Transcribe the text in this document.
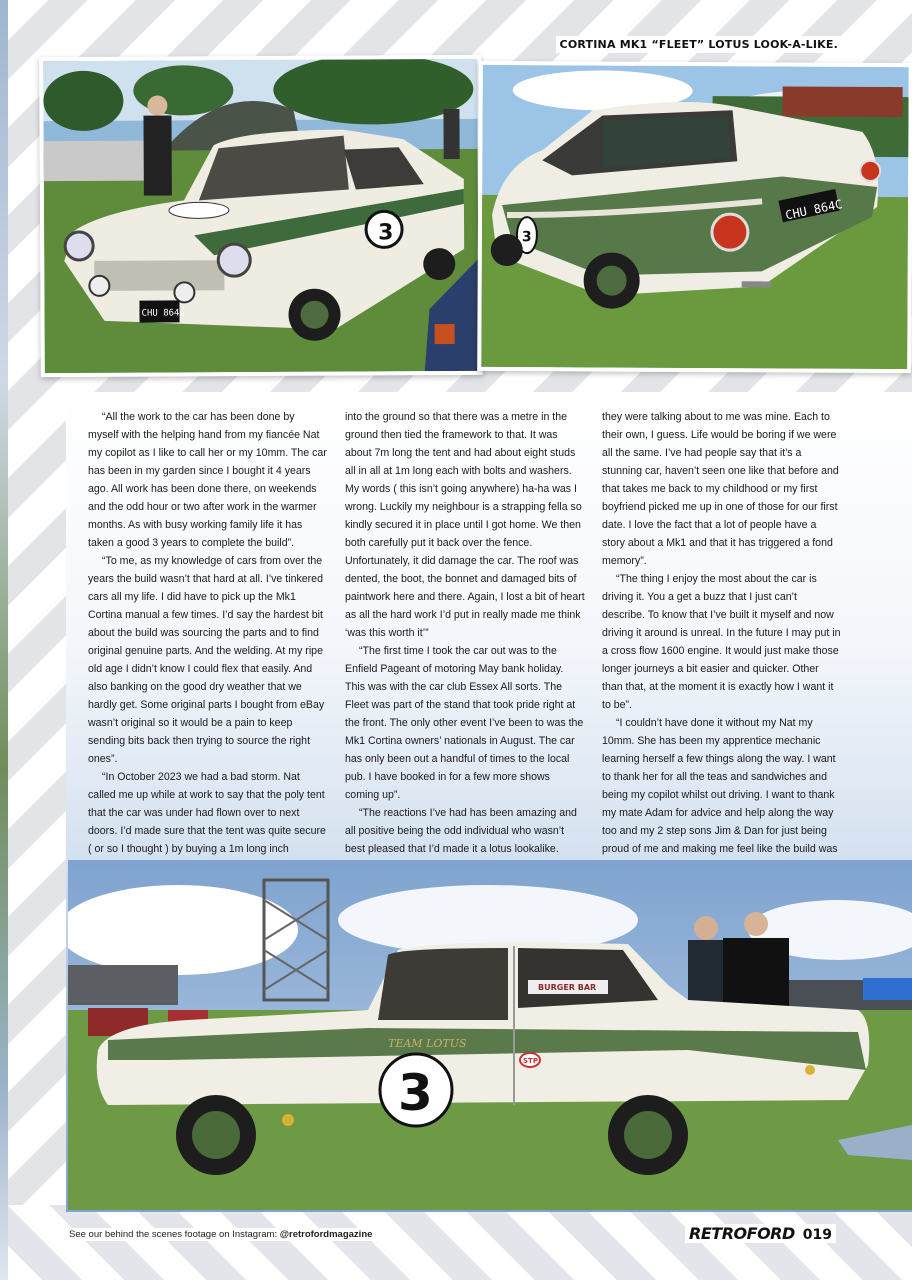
CORTINA MK1 “FLEET” LOTUS LOOK-A-LIKE.
3
CHU 864C
CHU 864C
3

“All the work to the car has been done by myself with the helping hand from my fiancée Nat my copilot as I like to call her or my 10mm. The car has been in my garden since I bought it 4 years ago. All work has been done there, on weekends and the odd hour or two after work in the warmer months. As with busy working family life it has taken a good 3 years to complete the build”.

“To me, as my knowledge of cars from over the years the build wasn’t that hard at all. I’ve tinkered cars all my life. I did have to pick up the Mk1 Cortina manual a few times. I’d say the hardest bit about the build was sourcing the parts and to find original genuine parts. And the welding. At my ripe old age I didn’t know I could flex that easily. And also banking on the good dry weather that we hardly get. Some original parts I bought from eBay wasn’t original so it would be a pain to keep sending bits back then trying to source the right ones”.

“In October 2023 we had a bad storm. Nat called me up while at work to say that the poly tent that the car was under had flown over to next doors. I’d made sure that the tent was quite secure ( or so I thought ) by buying a 1m long inch

into the ground so that there was a metre in the ground then tied the framework to that. It was about 7m long the tent and had about eight studs all in all at 1m long each with bolts and washers. My words ( this isn’t going anywhere) ha-ha was I wrong. Luckily my neighbour is a strapping fella so kindly secured it in place until I got home. We then both carefully put it back over the fence. Unfortunately, it did damage the car. The roof was dented, the boot, the bonnet and damaged bits of paintwork here and there. Again, I lost a bit of heart as all the hard work I’d put in really made me think ‘was this worth it’”

“The first time I took the car out was to the Enfield Pageant of motoring May bank holiday. This was with the car club Essex All sorts. The Fleet was part of the stand that took pride right at the front. The only other event I’ve been to was the Mk1 Cortina owners’ nationals in August. The car has only been out a handful of times to the local pub. I have booked in for a few more shows coming up”.

“The reactions I’ve had has been amazing and all positive being the odd individual who wasn’t best pleased that I’d made it a lotus lookalike.

they were talking about to me was mine. Each to their own, I guess. Life would be boring if we were all the same. I’ve had people say that it’s a stunning car, haven’t seen one like that before and that takes me back to my childhood or my first boyfriend picked me up in one of those for our first date. I love the fact that a lot of people have a story about a Mk1 and that it has triggered a fond memory”.

“The thing I enjoy the most about the car is driving it. You a get a buzz that I just can’t describe. To know that I’ve built it myself and now driving it around is unreal. In the future I may put in a cross flow 1600 engine. It would just make those longer journeys a bit easier and quicker. Other than that, at the moment it is exactly how I want it to be”.

“I couldn’t have done it without my Nat my 10mm. She has been my apprentice mechanic learning herself a few things along the way. I want to thank her for all the teas and sandwiches and being my copilot whilst out driving. I want to thank my mate Adam for advice and help along the way too and my 2 step sons Jim & Dan for just being proud of me and making me feel like the build was

TEAM LOTUS
3
STP
BURGER BAR
See our behind the scenes footage on Instagram: @retrofordmagazine	RETROFORD 019
